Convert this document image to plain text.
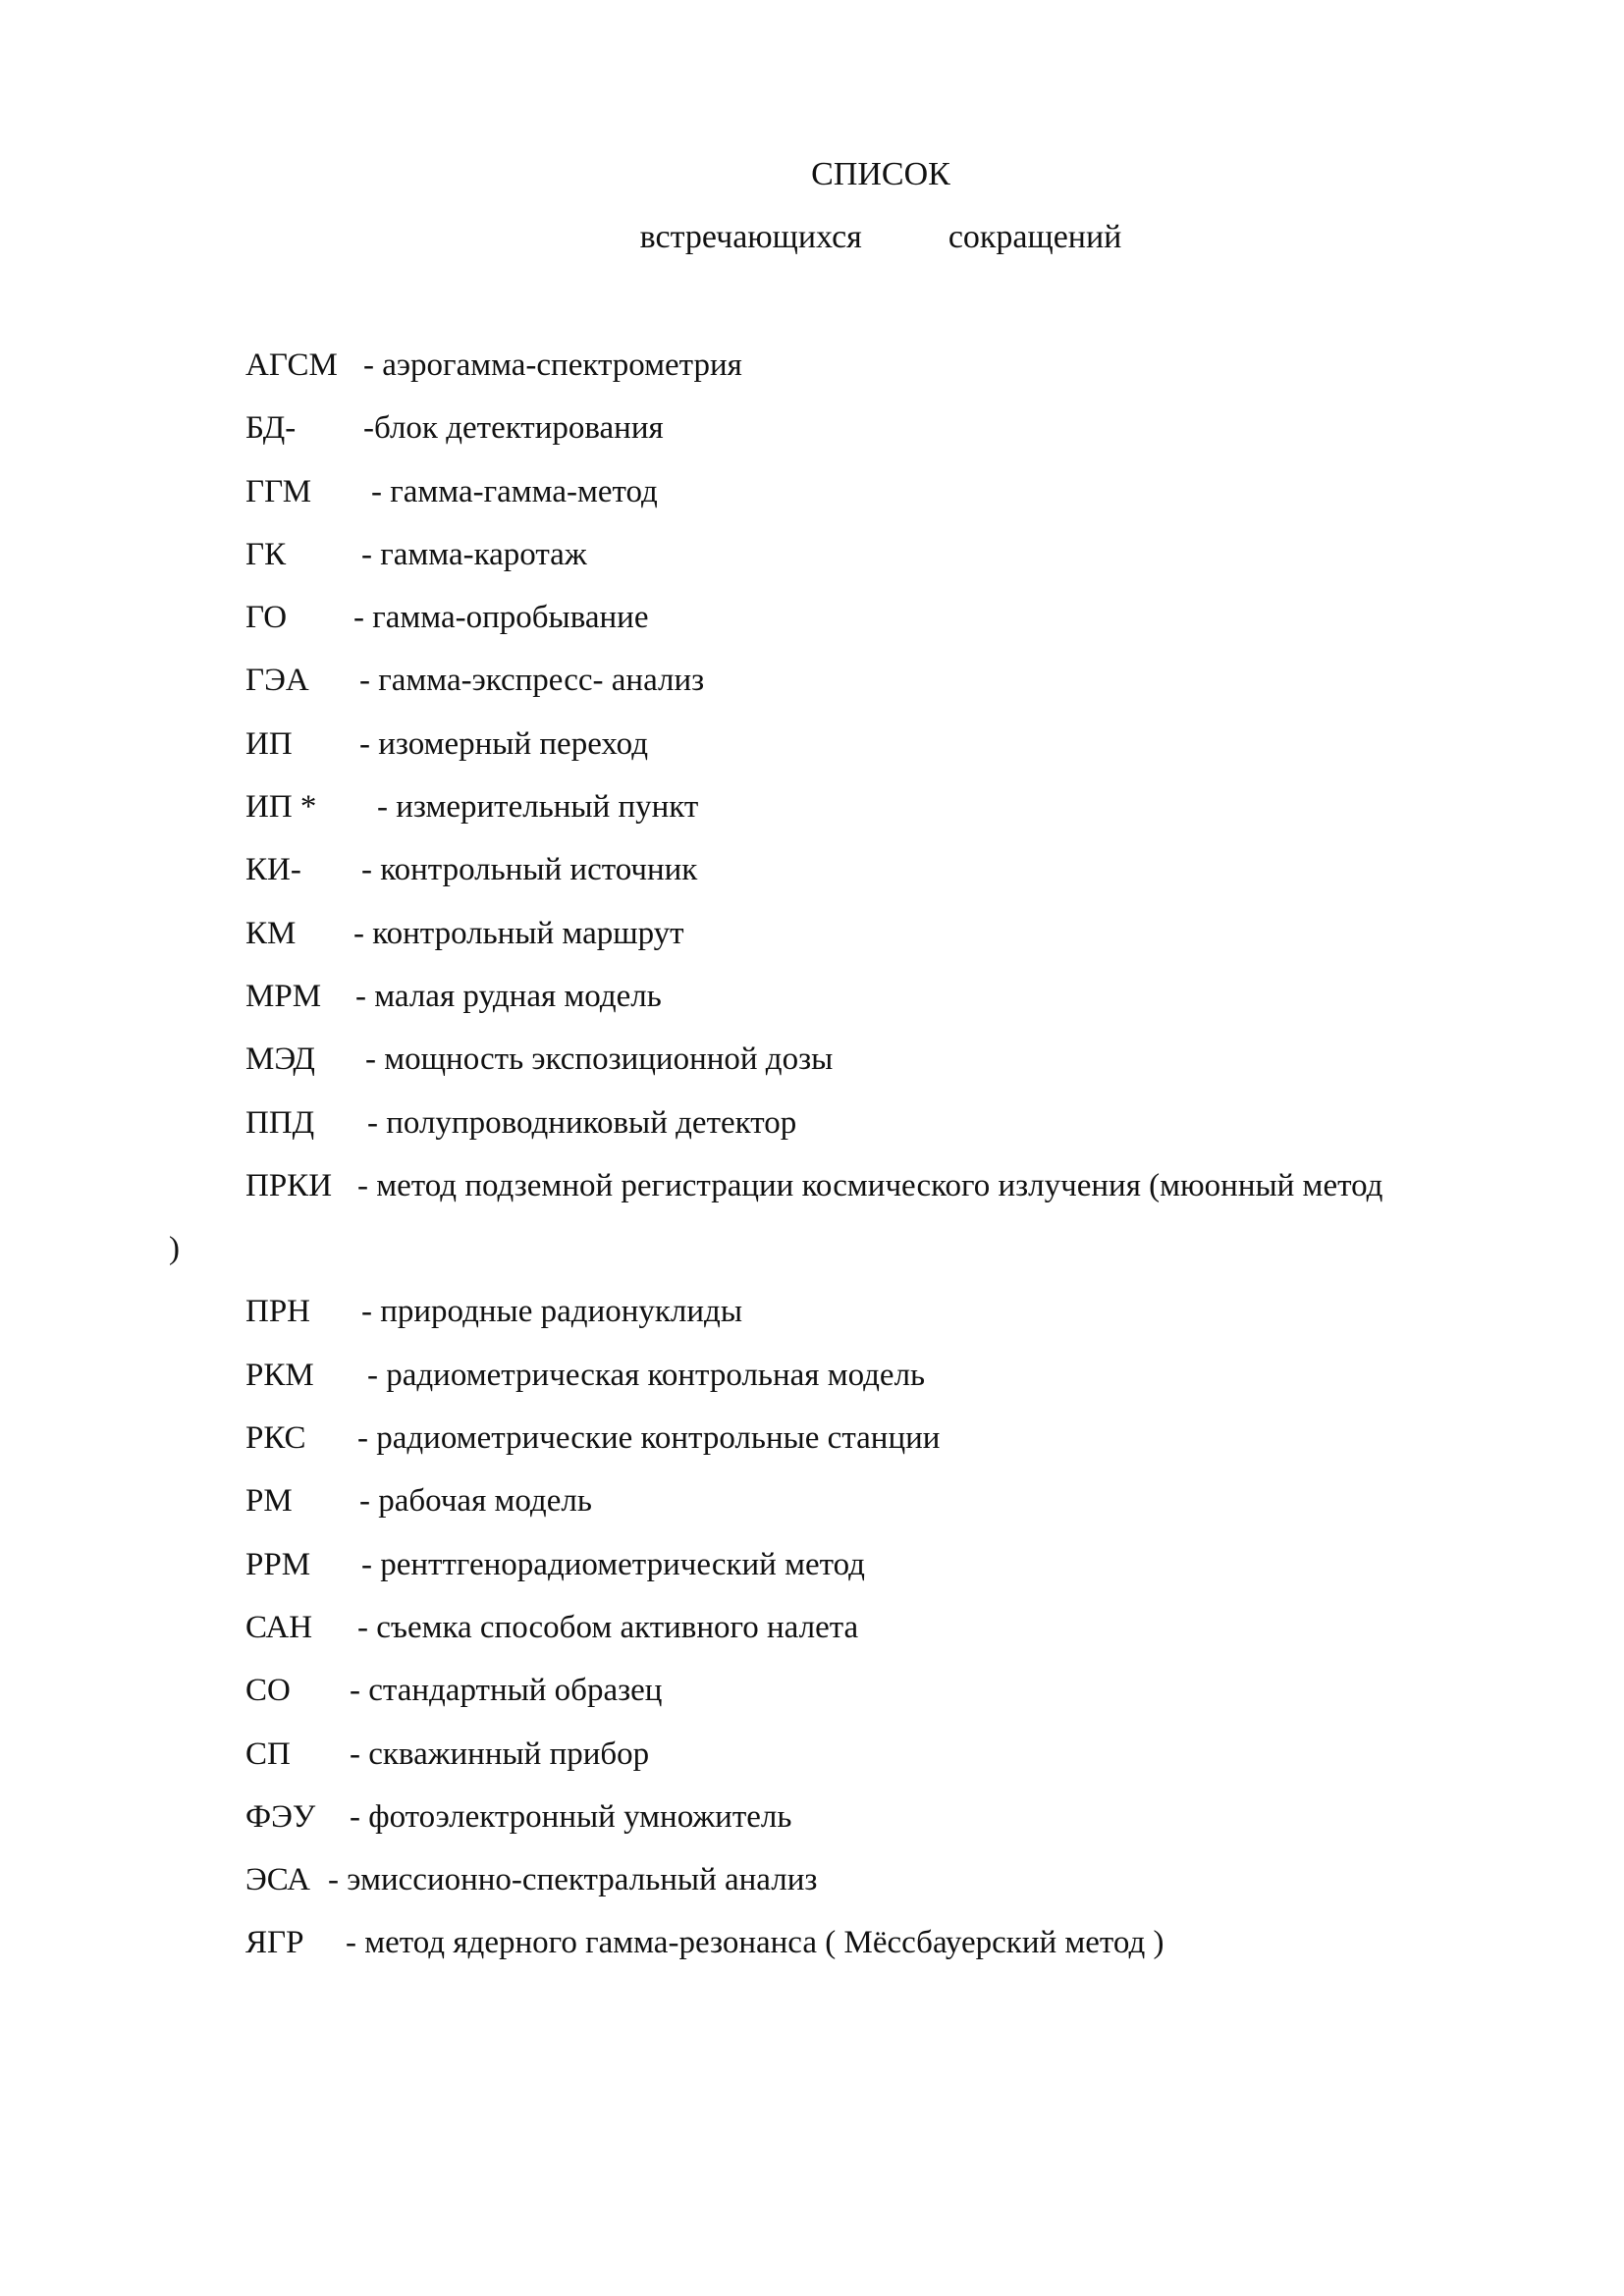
СПИСОК
встречающихся	сокращений
АГСМ - аэрогамма-спектрометрия
БД- -блок детектирования
ГГМ - гамма-гамма-метод
ГК - гамма-каротаж
ГО - гамма-опробывание
ГЭА - гамма-экспресс- анализ
ИП - изомерный переход
ИП * - измерительный пункт
КИ- - контрольный источник
КМ - контрольный маршрут
МРМ - малая рудная модель
МЭД - мощность экспозиционной дозы
ППД - полупроводниковый детектор
ПРКИ - метод подземной регистрации космического излучения (мюонный метод
)
ПРН - природные радионуклиды
РКМ - радиометрическая контрольная модель
РКС - радиометрические контрольные станции
РМ - рабочая модель
РРМ - ренттгенорадиометрический метод
САН - съемка способом активного налета
СО - стандартный образец
СП - скважинный прибор
ФЭУ - фотоэлектронный умножитель
ЭСА - эмиссионно-спектральный анализ
ЯГР - метод ядерного гамма-резонанса ( Мёссбауерский метод )
